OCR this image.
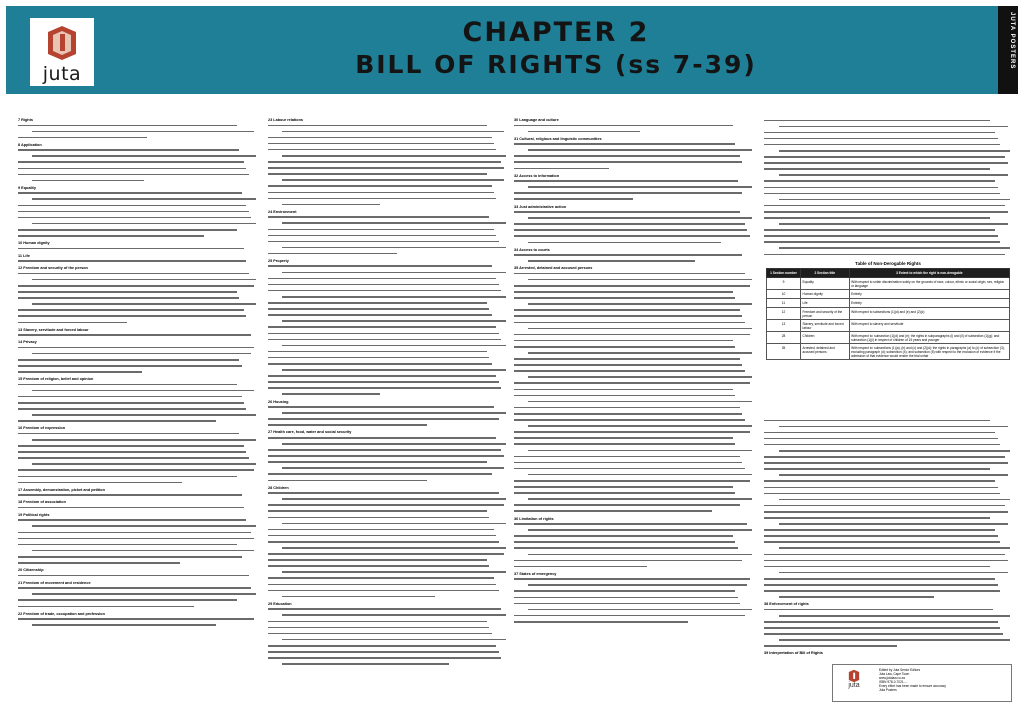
juta
CHAPTER 2
BILL OF RIGHTS (ss 7-39)	JUTA POSTERS
7 Rights
8 Application
9 Equality
10 Human dignity
11 Life
12 Freedom and security of the person
13 Slavery, servitude and forced labour
14 Privacy
15 Freedom of religion, belief and opinion
16 Freedom of expression
17 Assembly, demonstration, picket and petition
18 Freedom of association
19 Political rights
20 Citizenship
21 Freedom of movement and residence
22 Freedom of trade, occupation and profession
23 Labour relations
24 Environment
25 Property
26 Housing
27 Health care, food, water and social security
28 Children
29 Education
30 Language and culture
31 Cultural, religious and linguistic communities
32 Access to information
33 Just administrative action
34 Access to courts
35 Arrested, detained and accused persons
36 Limitation of rights
37 States of emergency
Table of Non-Derogable Rights
1 Section number	2 Section title	3 Extent to which the right is non-derogable
9	Equality	With respect to unfair discrimination solely on the grounds of race, colour, ethnic or social origin, sex, religion or language
10	Human dignity	Entirely
11	Life	Entirely
12	Freedom and security of the person	With respect to subsections (1)(d) and (e) and (2)(c)
13	Slavery, servitude and forced labour	With respect to slavery and servitude
28	Children	With respect to: subsection (1)(d) and (e); the rights in subparagraphs (i) and (ii) of subsection (1)(g); and subsection (1)(i) in respect of children of 15 years and younger
35	Arrested, detained and accused persons	With respect to: subsections (1)(a), (b) and (c) and (2)(d); the rights in paragraphs (a) to (o) of subsection (3), excluding paragraph (d); subsection (4); and subsection (5) with respect to the exclusion of evidence if the admission of that evidence would render the trial unfair
38 Enforcement of rights
39 Interpretation of Bill of Rights
juta
Edited by Juta Senior Editors
Juta Law, Cape Town
www.jutalaw.co.za
ISBN 978-0-7021-...
Every effort has been made to ensure accuracy
Juta Posters
